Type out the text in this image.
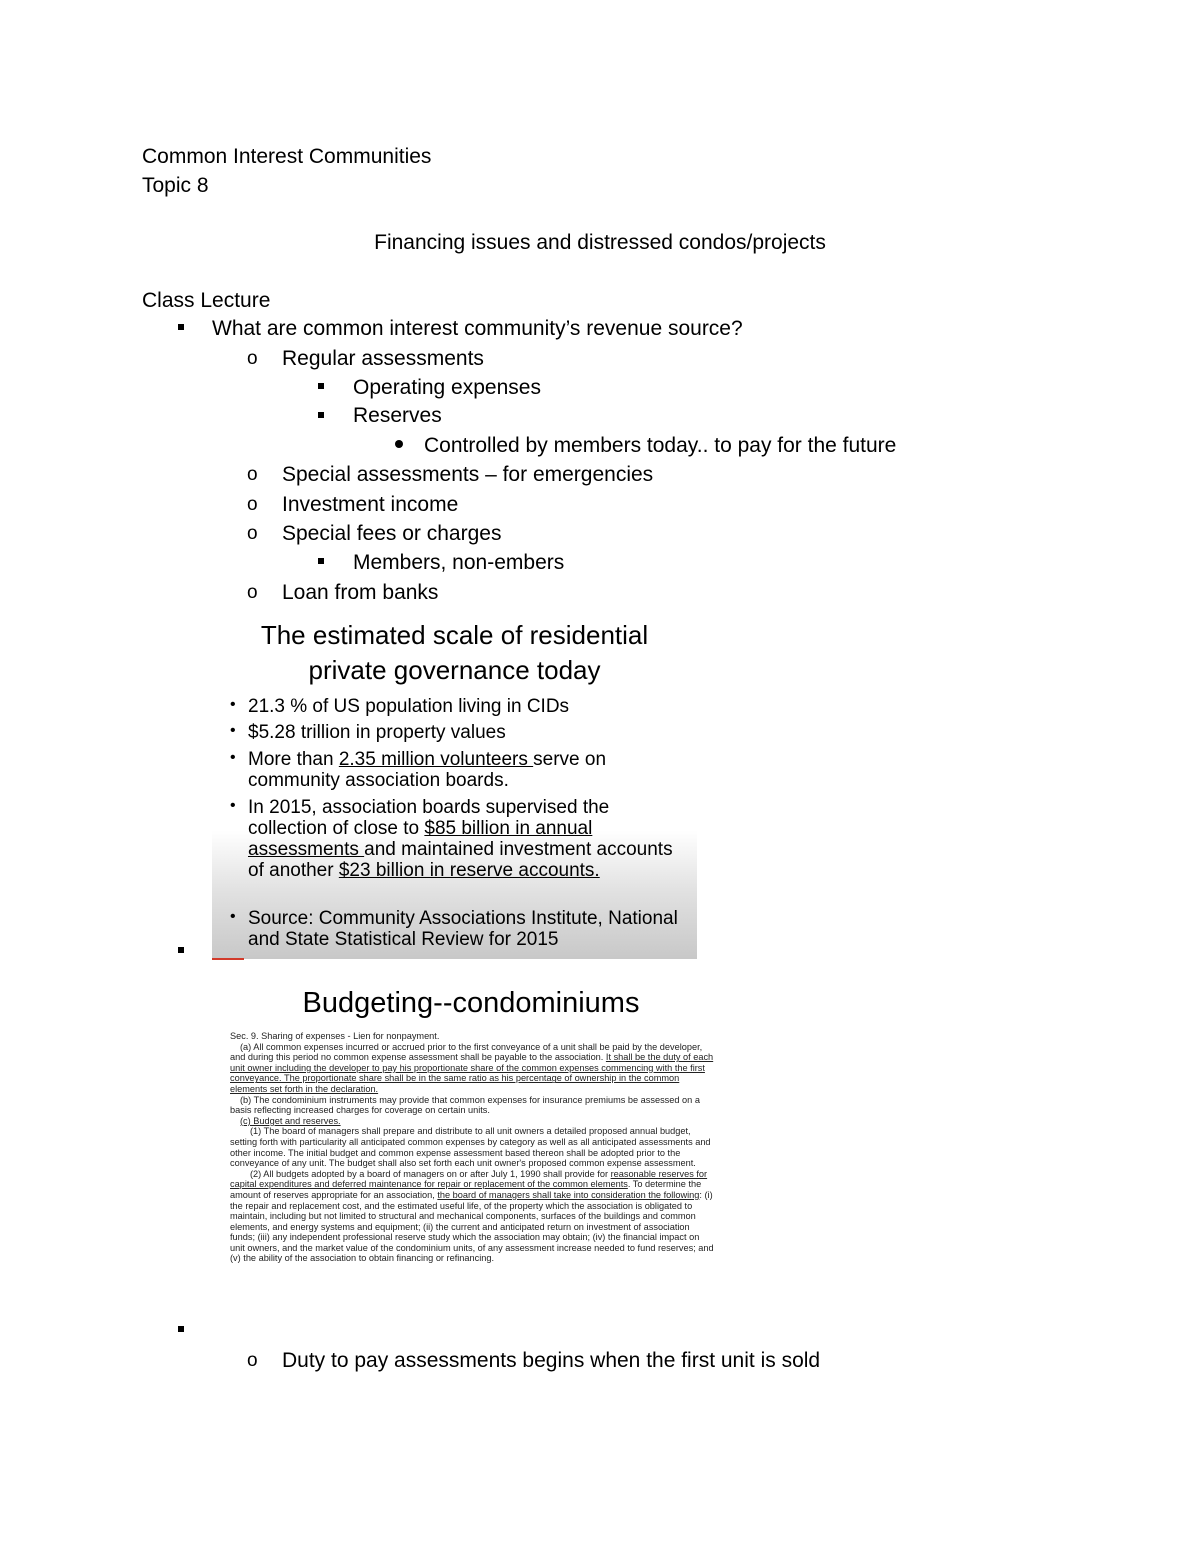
Common Interest Communities
Topic 8
Financing issues and distressed condos/projects
Class Lecture
What are common interest community’s revenue source?
o Regular assessments
Operating expenses
Reserves
Controlled by members today.. to pay for the future
o Special assessments – for emergencies
o Investment income
o Special fees or charges
Members, non-embers
o Loan from banks
The estimated scale of residential
private governance today
• 21.3 % of US population living in CIDs
• $5.28 trillion in property values
• More than 2.35 million volunteers serve on community association boards.
• In 2015, association boards supervised the collection of close to $85 billion in annual assessments and maintained investment accounts of another $23 billion in reserve accounts.
• Source: Community Associations Institute, National and State Statistical Review for 2015
Budgeting--condominiums

Sec. 9. Sharing of expenses - Lien for nonpayment.

(a) All common expenses incurred or accrued prior to the first conveyance of a unit shall be paid by the developer, and during this period no common expense assessment shall be payable to the association. It shall be the duty of each unit owner including the developer to pay his proportionate share of the common expenses commencing with the first conveyance. The proportionate share shall be in the same ratio as his percentage of ownership in the common elements set forth in the declaration.

(b) The condominium instruments may provide that common expenses for insurance premiums be assessed on a basis reflecting increased charges for coverage on certain units.

(c) Budget and reserves.

(1) The board of managers shall prepare and distribute to all unit owners a detailed proposed annual budget, setting forth with particularity all anticipated common expenses by category as well as all anticipated assessments and other income. The initial budget and common expense assessment based thereon shall be adopted prior to the conveyance of any unit. The budget shall also set forth each unit owner's proposed common expense assessment.

(2) All budgets adopted by a board of managers on or after July 1, 1990 shall provide for reasonable reserves for capital expenditures and deferred maintenance for repair or replacement of the common elements. To determine the amount of reserves appropriate for an association, the board of managers shall take into consideration the following: (i) the repair and replacement cost, and the estimated useful life, of the property which the association is obligated to maintain, including but not limited to structural and mechanical components, surfaces of the buildings and common elements, and energy systems and equipment; (ii) the current and anticipated return on investment of association funds; (iii) any independent professional reserve study which the association may obtain; (iv) the financial impact on unit owners, and the market value of the condominium units, of any assessment increase needed to fund reserves; and (v) the ability of the association to obtain financing or refinancing.

o Duty to pay assessments begins when the first unit is sold
